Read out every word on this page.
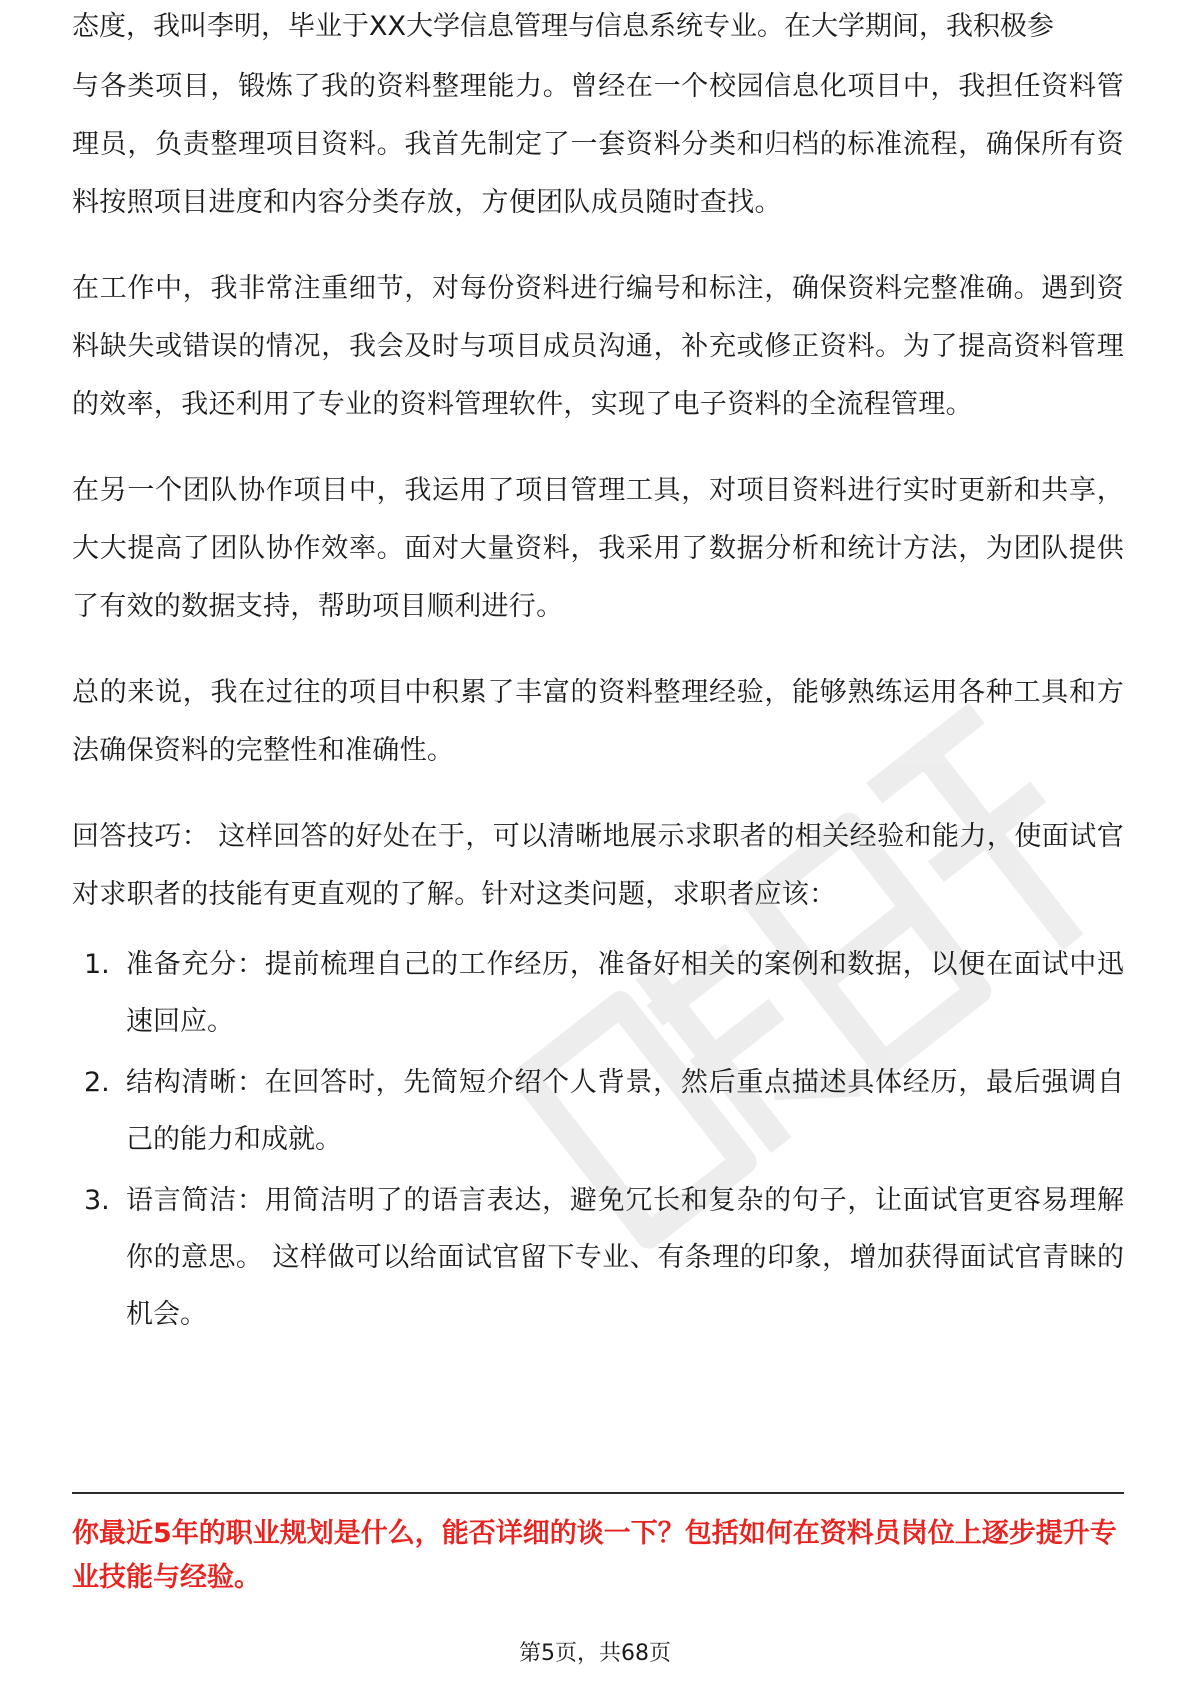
态度，我叫李明，毕业于XX大学信息管理与信息系统专业。在大学期间，我积极参

与各类项目，锻炼了我的资料整理能力。曾经在一个校园信息化项目中，我担任资料管理员，负责整理项目资料。我首先制定了一套资料分类和归档的标准流程，确保所有资料按照项目进度和内容分类存放，方便团队成员随时查找。

在工作中，我非常注重细节，对每份资料进行编号和标注，确保资料完整准确。遇到资料缺失或错误的情况，我会及时与项目成员沟通，补充或修正资料。为了提高资料管理的效率，我还利用了专业的资料管理软件，实现了电子资料的全流程管理。

在另一个团队协作项目中，我运用了项目管理工具，对项目资料进行实时更新和共享，大大提高了团队协作效率。面对大量资料，我采用了数据分析和统计方法，为团队提供了有效的数据支持，帮助项目顺利进行。

总的来说，我在过往的项目中积累了丰富的资料整理经验，能够熟练运用各种工具和方法确保资料的完整性和准确性。

回答技巧： 这样回答的好处在于，可以清晰地展示求职者的相关经验和能力，使面试官对求职者的技能有更直观的了解。针对这类问题，求职者应该：

1. 准备充分：提前梳理自己的工作经历，准备好相关的案例和数据，以便在面试中迅速回应。
2. 结构清晰：在回答时，先简短介绍个人背景，然后重点描述具体经历，最后强调自己的能力和成就。
3. 语言简洁：用简洁明了的语言表达，避免冗长和复杂的句子，让面试官更容易理解你的意思。 这样做可以给面试官留下专业、有条理的印象，增加获得面试官青睐的机会。
你最近5年的职业规划是什么，能否详细的谈一下？包括如何在资料员岗位上逐步提升专业技能与经验。
第5页，共68页
